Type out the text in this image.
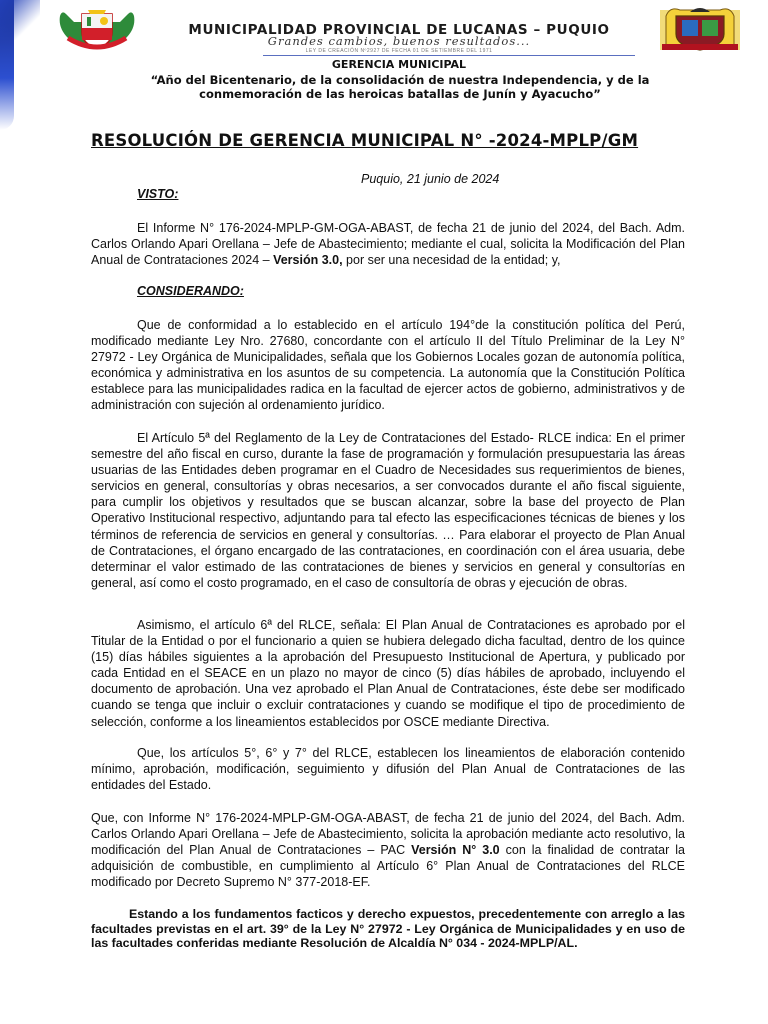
MUNICIPALIDAD PROVINCIAL DE LUCANAS – PUQUIO
Grandes cambios, buenos resultados...
LEY DE CREACIÓN Nº2927 DE FECHA 01 DE SETIEMBRE DEL 1971
GERENCIA MUNICIPAL
“Año del Bicentenario, de la consolidación de nuestra Independencia, y de la conmemoración de las heroicas batallas de Junín y Ayacucho”
RESOLUCIÓN DE GERENCIA MUNICIPAL N° -2024-MPLP/GM
Puquio, 21 junio de 2024
VISTO:
El Informe N° 176-2024-MPLP-GM-OGA-ABAST, de fecha 21 de junio del 2024, del Bach. Adm. Carlos Orlando Apari Orellana – Jefe de Abastecimiento; mediante el cual, solicita la Modificación del Plan Anual de Contrataciones 2024 – Versión 3.0, por ser una necesidad de la entidad; y,
CONSIDERANDO:
Que de conformidad a lo establecido en el artículo 194°de la constitución política del Perú, modificado mediante Ley Nro. 27680, concordante con el artículo II del Título Preliminar de la Ley N° 27972 - Ley Orgánica de Municipalidades, señala que los Gobiernos Locales gozan de autonomía política, económica y administrativa en los asuntos de su competencia. La autonomía que la Constitución Política establece para las municipalidades radica en la facultad de ejercer actos de gobierno, administrativos y de administración con sujeción al ordenamiento jurídico.
El Artículo 5ª del Reglamento de la Ley de Contrataciones del Estado- RLCE indica: En el primer semestre del año fiscal en curso, durante la fase de programación y formulación presupuestaria las áreas usuarias de las Entidades deben programar en el Cuadro de Necesidades sus requerimientos de bienes, servicios en general, consultorías y obras necesarios, a ser convocados durante el año fiscal siguiente, para cumplir los objetivos y resultados que se buscan alcanzar, sobre la base del proyecto de Plan Operativo Institucional respectivo, adjuntando para tal efecto las especificaciones técnicas de bienes y los términos de referencia de servicios en general y consultorías. … Para elaborar el proyecto de Plan Anual de Contrataciones, el órgano encargado de las contrataciones, en coordinación con el área usuaria, debe determinar el valor estimado de las contrataciones de bienes y servicios en general y consultorías en general, así como el costo programado, en el caso de consultoría de obras y ejecución de obras.
Asimismo, el artículo 6ª del RLCE, señala: El Plan Anual de Contrataciones es aprobado por el Titular de la Entidad o por el funcionario a quien se hubiera delegado dicha facultad, dentro de los quince (15) días hábiles siguientes a la aprobación del Presupuesto Institucional de Apertura, y publicado por cada Entidad en el SEACE en un plazo no mayor de cinco (5) días hábiles de aprobado, incluyendo el documento de aprobación. Una vez aprobado el Plan Anual de Contrataciones, éste debe ser modificado cuando se tenga que incluir o excluir contrataciones y cuando se modifique el tipo de procedimiento de selección, conforme a los lineamientos establecidos por OSCE mediante Directiva.
Que, los artículos 5°, 6° y 7° del RLCE, establecen los lineamientos de elaboración contenido mínimo, aprobación, modificación, seguimiento y difusión del Plan Anual de Contrataciones de las entidades del Estado.
Que, con Informe N° 176-2024-MPLP-GM-OGA-ABAST, de fecha 21 de junio del 2024, del Bach. Adm. Carlos Orlando Apari Orellana – Jefe de Abastecimiento, solicita la aprobación mediante acto resolutivo, la modificación del Plan Anual de Contrataciones – PAC Versión N° 3.0 con la finalidad de contratar la adquisición de combustible, en cumplimiento al Artículo 6° Plan Anual de Contrataciones del RLCE modificado por Decreto Supremo N° 377-2018-EF.
Estando a los fundamentos facticos y derecho expuestos, precedentemente con arreglo a las facultades previstas en el art. 39° de la Ley N° 27972 - Ley Orgánica de Municipalidades y en uso de las facultades conferidas mediante Resolución de Alcaldía N° 034 - 2024-MPLP/AL.
